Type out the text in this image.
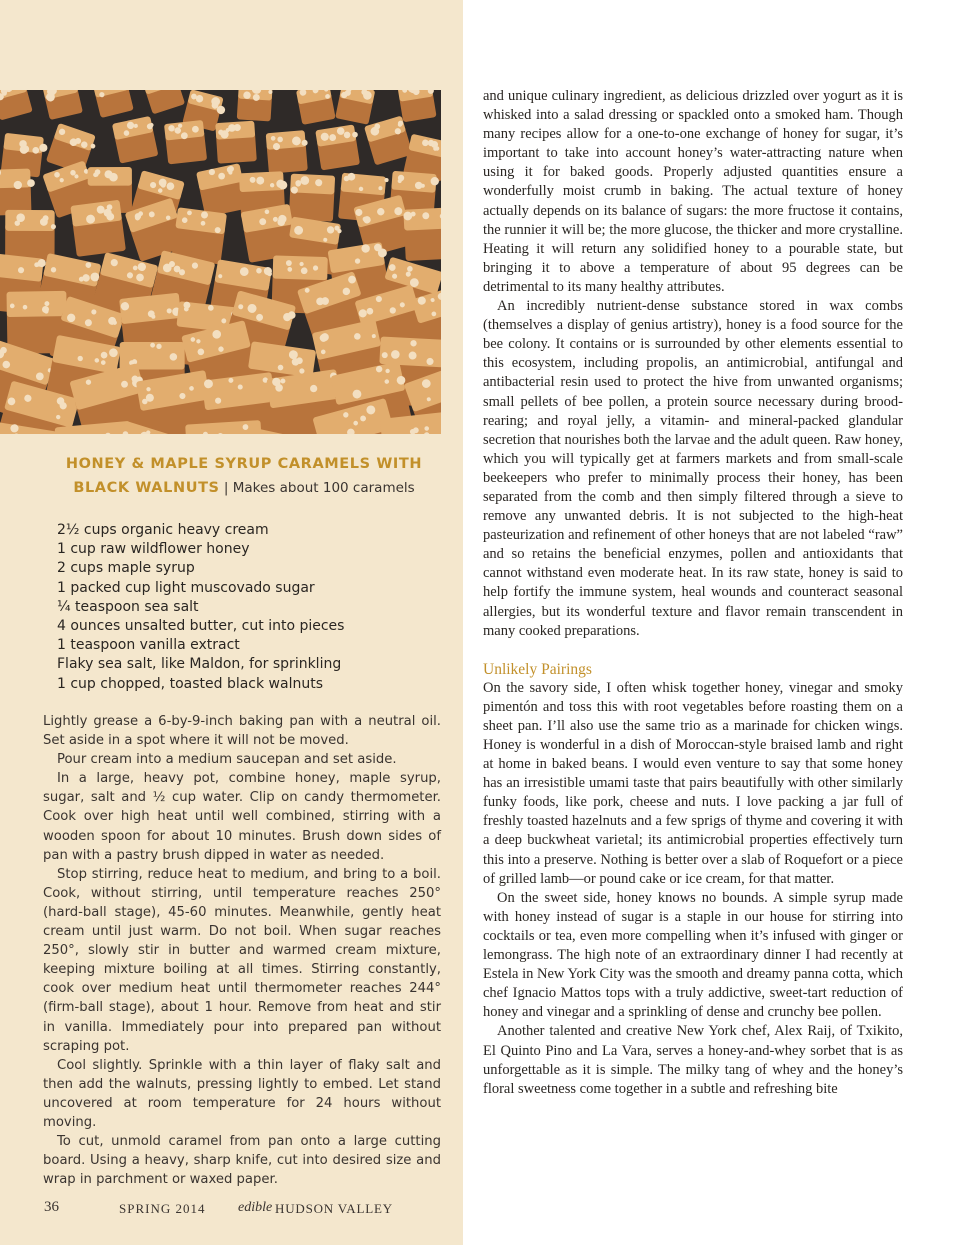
HONEY & MAPLE SYRUP CARAMELS WITH
BLACK WALNUTS | Makes about 100 caramels
2½ cups organic heavy cream
1 cup raw wildflower honey
2 cups maple syrup
1 packed cup light muscovado sugar
¼ teaspoon sea salt
4 ounces unsalted butter, cut into pieces
1 teaspoon vanilla extract
Flaky sea salt, like Maldon, for sprinkling
1 cup chopped, toasted black walnuts

Lightly grease a 6-by-9-inch baking pan with a neutral oil. Set aside in a spot where it will not be moved.

Pour cream into a medium saucepan and set aside.

In a large, heavy pot, combine honey, maple syrup, sugar, salt and ½ cup water. Clip on candy thermometer. Cook over high heat until well combined, stirring with a wooden spoon for about 10 minutes. Brush down sides of pan with a pastry brush dipped in water as needed.

Stop stirring, reduce heat to medium, and bring to a boil. Cook, without stirring, until temperature reaches 250° (hard-ball stage), 45-60 minutes. Meanwhile, gently heat cream until just warm. Do not boil. When sugar reaches 250°, slowly stir in butter and warmed cream mixture, keeping mixture boiling at all times. Stirring constantly, cook over medium heat until thermometer reaches 244° (firm-ball stage), about 1 hour. Remove from heat and stir in vanilla. Immediately pour into prepared pan without scraping pot.

Cool slightly. Sprinkle with a thin layer of flaky salt and then add the walnuts, pressing lightly to embed. Let stand uncovered at room temperature for 24 hours without moving.

To cut, unmold caramel from pan onto a large cutting board. Using a heavy, sharp knife, cut into desired size and wrap in parchment or waxed paper.

36	SPRING 2014 edible HUDSON VALLEY

and unique culinary ingredient, as delicious drizzled over yogurt as it is whisked into a salad dressing or spackled onto a smoked ham. Though many recipes allow for a one-to-one exchange of honey for sugar, it’s important to take into account honey’s water-attracting nature when using it for baked goods. Properly adjusted quantities ensure a wonderfully moist crumb in baking. The actual texture of honey actually depends on its balance of sugars: the more fructose it contains, the runnier it will be; the more glucose, the thicker and more crystalline. Heating it will return any solidified honey to a pourable state, but bringing it to above a temperature of about 95 degrees can be detrimental to its many healthy attributes.

An incredibly nutrient-dense substance stored in wax combs (themselves a display of genius artistry), honey is a food source for the bee colony. It contains or is surrounded by other elements essential to this ecosystem, including propolis, an antimicrobial, antifungal and antibacterial resin used to protect the hive from unwanted organisms; small pellets of bee pollen, a protein source necessary during brood-rearing; and royal jelly, a vitamin- and mineral-packed glandular secretion that nourishes both the larvae and the adult queen. Raw honey, which you will typically get at farmers markets and from small-scale beekeepers who prefer to minimally process their honey, has been separated from the comb and then simply filtered through a sieve to remove any unwanted debris. It is not subjected to the high-heat pasteurization and refinement of other honeys that are not labeled “raw” and so retains the beneficial enzymes, pollen and antioxidants that cannot withstand even moderate heat. In its raw state, honey is said to help fortify the immune system, heal wounds and counteract seasonal allergies, but its wonderful texture and flavor remain transcendent in many cooked preparations.

Unlikely Pairings

On the savory side, I often whisk together honey, vinegar and smoky pimentón and toss this with root vegetables before roasting them on a sheet pan. I’ll also use the same trio as a marinade for chicken wings. Honey is wonderful in a dish of Moroccan-style braised lamb and right at home in baked beans. I would even venture to say that some honey has an irresistible umami taste that pairs beautifully with other similarly funky foods, like pork, cheese and nuts. I love packing a jar full of freshly toasted hazelnuts and a few sprigs of thyme and covering it with a deep buckwheat varietal; its antimicrobial properties effectively turn this into a preserve. Nothing is better over a slab of Roquefort or a piece of grilled lamb—or pound cake or ice cream, for that matter.

On the sweet side, honey knows no bounds. A simple syrup made with honey instead of sugar is a staple in our house for stirring into cocktails or tea, even more compelling when it’s infused with ginger or lemongrass. The high note of an extraordinary dinner I had recently at Estela in New York City was the smooth and dreamy panna cotta, which chef Ignacio Mattos tops with a truly addictive, sweet-tart reduction of honey and vinegar and a sprinkling of dense and crunchy bee pollen.

Another talented and creative New York chef, Alex Raij, of Txikito, El Quinto Pino and La Vara, serves a honey-and-whey sorbet that is as unforgettable as it is simple. The milky tang of whey and the honey’s floral sweetness come together in a subtle and refreshing bite
